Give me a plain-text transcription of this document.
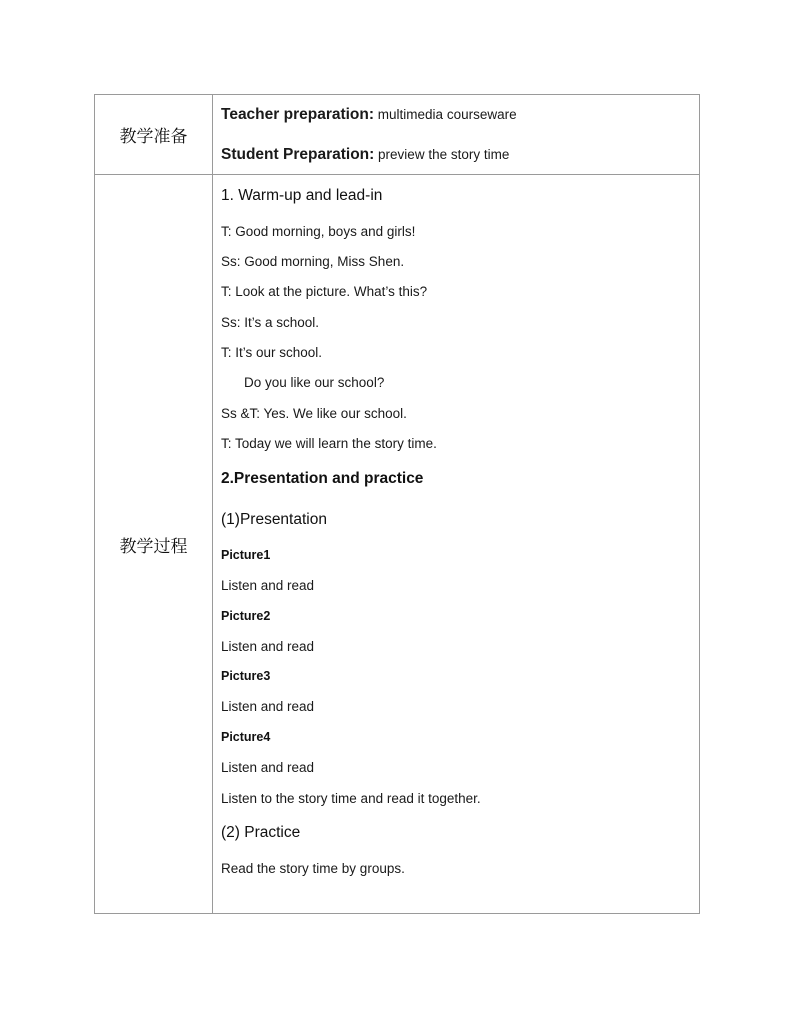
教学准备
Teacher preparation: multimedia courseware
Student Preparation: preview the story time
教学过程
1. Warm-up and lead-in
T: Good morning, boys and girls!
Ss: Good morning, Miss Shen.
T: Look at the picture. What’s this?
Ss: It’s a school.
T: It’s our school.
Do you like our school?
Ss &T: Yes. We like our school.
T: Today we will learn the story time.
2.Presentation and practice
(1)Presentation
Picture1
Listen and read
Picture2
Listen and read
Picture3
Listen and read
Picture4
Listen and read
Listen to the story time and read it together.
(2) Practice
Read the story time by groups.
